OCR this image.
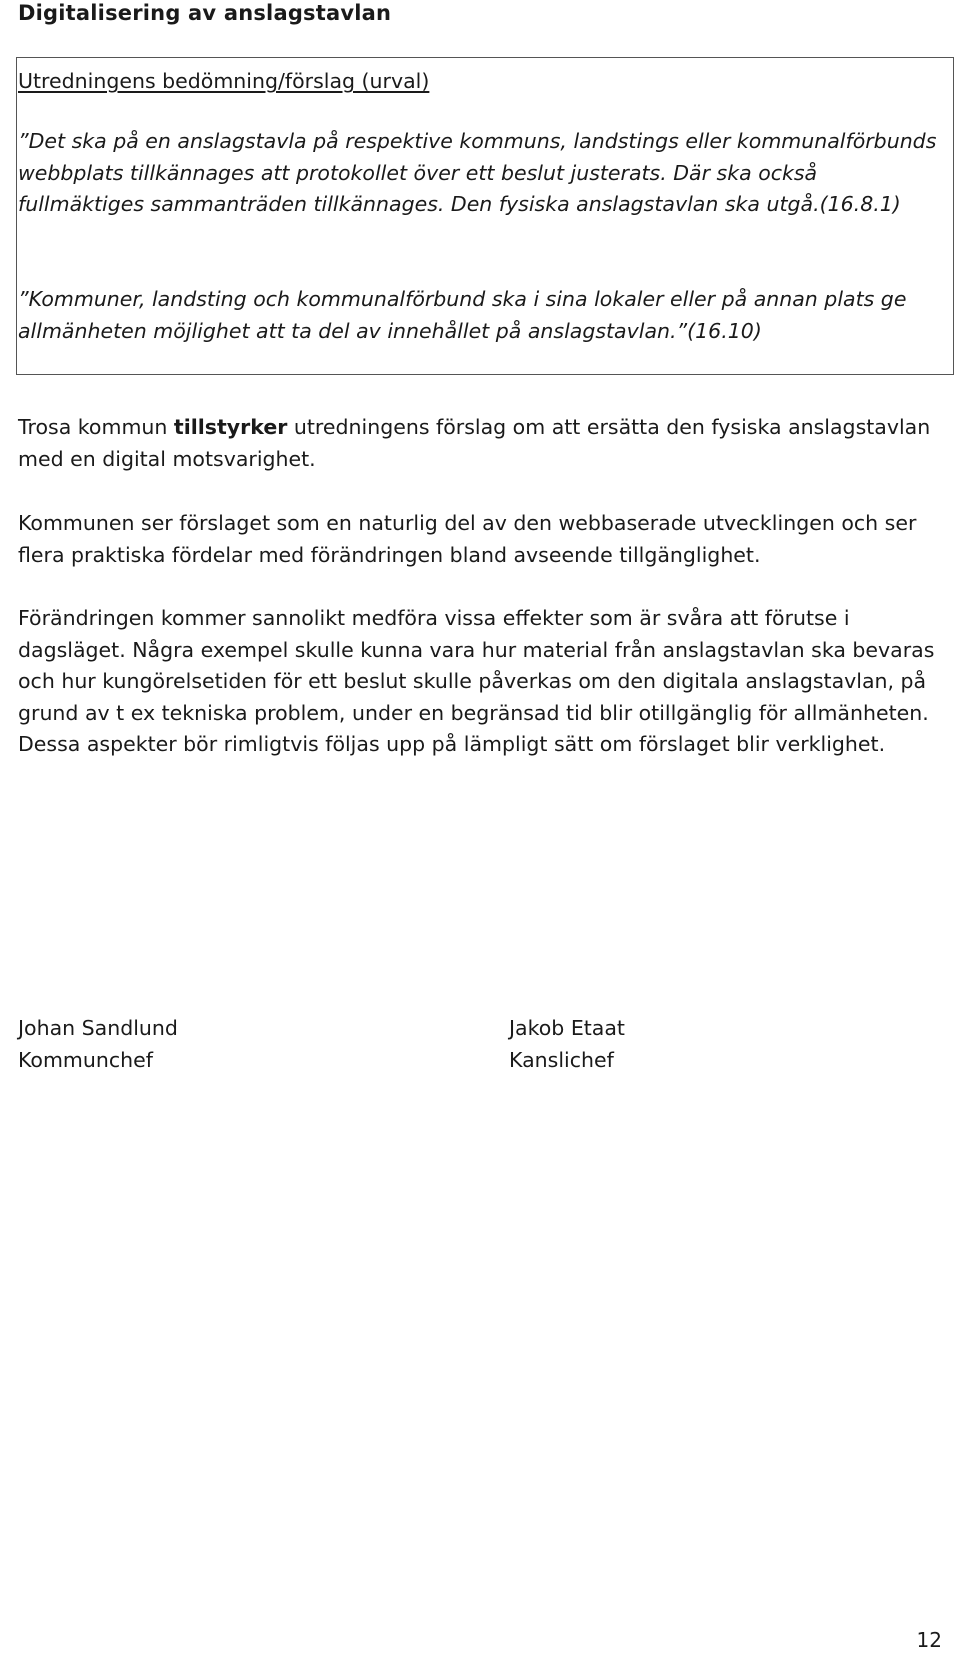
Digitalisering av anslagstavlan
Utredningens bedömning/förslag (urval)

”Det ska på en anslagstavla på respektive kommuns, landstings eller kommunalförbunds webbplats tillkännages att protokollet över ett beslut justerats. Där ska också fullmäktiges sammanträden tillkännages. Den fysiska anslagstavlan ska utgå.(16.8.1)

”Kommuner, landsting och kommunalförbund ska i sina lokaler eller på annan plats ge allmänheten möjlighet att ta del av innehållet på anslagstavlan.”(16.10)

Trosa kommun tillstyrker utredningens förslag om att ersätta den fysiska anslagstavlan med en digital motsvarighet.

Kommunen ser förslaget som en naturlig del av den webbaserade utvecklingen och ser flera praktiska fördelar med förändringen bland avseende tillgänglighet.

Förändringen kommer sannolikt medföra vissa effekter som är svåra att förutse i dagsläget. Några exempel skulle kunna vara hur material från anslagstavlan ska bevaras och hur kungörelsetiden för ett beslut skulle påverkas om den digitala anslagstavlan, på grund av t ex tekniska problem, under en begränsad tid blir otillgänglig för allmänheten. Dessa aspekter bör rimligtvis följas upp på lämpligt sätt om förslaget blir verklighet.

Johan Sandlund
Kommunchef
Jakob Etaat
Kanslichef
12
